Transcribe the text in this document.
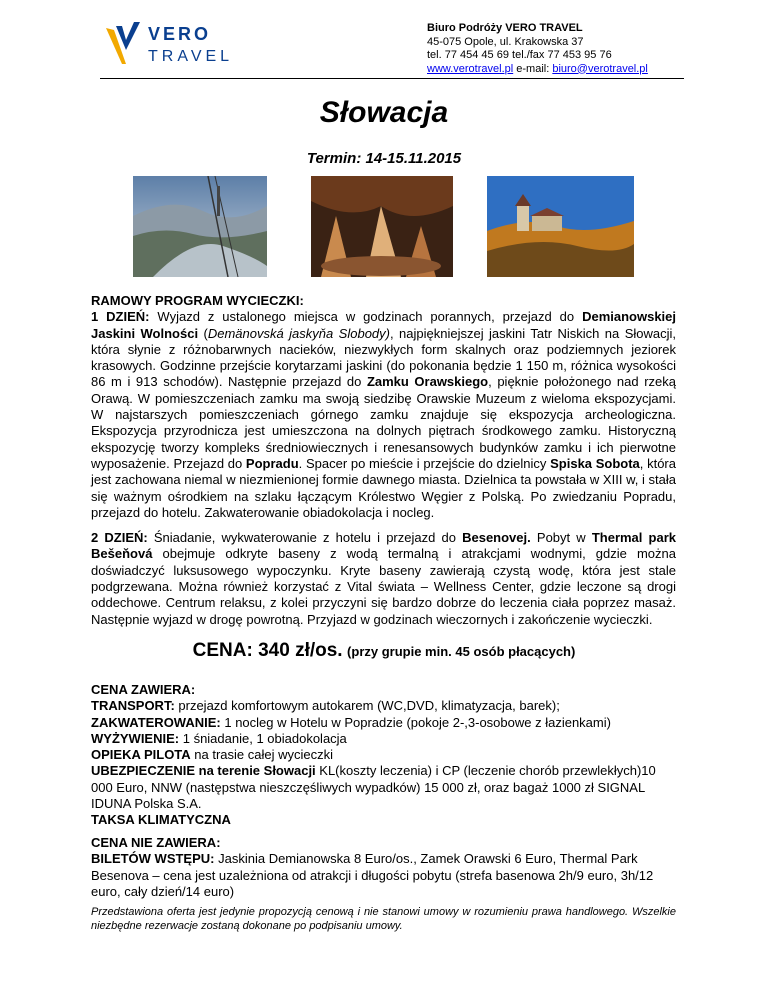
VERO
TRAVEL
Biuro Podróży VERO TRAVEL
45-075 Opole, ul. Krakowska 37
tel. 77 454 45 69 tel./fax 77 453 95 76
www.verotravel.pl e-mail: biuro@verotravel.pl
Słowacja
Termin: 14-15.11.2015
RAMOWY PROGRAM WYCIECZKI:
1 DZIEŃ: Wyjazd z ustalonego miejsca w godzinach porannych, przejazd do Demianowskiej Jaskini Wolności (Demänovská jaskyňa Slobody), najpiękniejszej jaskini Tatr Niskich na Słowacji, która słynie z różnobarwnych nacieków, niezwykłych form skalnych oraz podziemnych jeziorek krasowych. Godzinne przejście korytarzami jaskini (do pokonania będzie 1 150 m, różnica wysokości 86 m i 913 schodów). Następnie przejazd do Zamku Orawskiego, pięknie położonego nad rzeką Orawą. W pomieszczeniach zamku ma swoją siedzibę Orawskie Muzeum z wieloma ekspozycjami. W najstarszych pomieszczeniach górnego zamku znajduje się ekspozycja archeologiczna. Ekspozycja przyrodnicza jest umieszczona na dolnych piętrach środkowego zamku. Historyczną ekspozycję tworzy kompleks średniowiecznych i renesansowych budynków zamku i ich pierwotne wyposażenie. Przejazd do Popradu. Spacer po mieście i przejście do dzielnicy Spiska Sobota, która jest zachowana niemal w niezmienionej formie dawnego miasta. Dzielnica ta powstała w XIII w, i stała się ważnym ośrodkiem na szlaku łączącym Królestwo Węgier z Polską. Po zwiedzaniu Popradu, przejazd do hotelu. Zakwaterowanie obiadokolacja i nocleg.
2 DZIEŃ: Śniadanie, wykwaterowanie z hotelu i przejazd do Besenovej. Pobyt w Thermal park Bešeňová obejmuje odkryte baseny z wodą termalną i atrakcjami wodnymi, gdzie można doświadczyć luksusowego wypoczynku. Kryte baseny zawierają czystą wodę, która jest stale podgrzewana. Można również korzystać z Vital świata – Wellness Center, gdzie leczone są drogi oddechowe. Centrum relaksu, z kolei przyczyni się bardzo dobrze do leczenia ciała poprzez masaż. Następnie wyjazd w drogę powrotną. Przyjazd w godzinach wieczornych i zakończenie wycieczki.
CENA: 340 zł/os. (przy grupie min. 45 osób płacących)
CENA ZAWIERA:
TRANSPORT: przejazd komfortowym autokarem (WC,DVD, klimatyzacja, barek);
ZAKWATEROWANIE: 1 nocleg w Hotelu w Popradzie (pokoje 2-,3-osobowe z łazienkami)
WYŻYWIENIE: 1 śniadanie, 1 obiadokolacja
OPIEKA PILOTA na trasie całej wycieczki
UBEZPIECZENIE na terenie Słowacji KL(koszty leczenia) i CP (leczenie chorób przewlekłych)10 000 Euro, NNW (następstwa nieszczęśliwych wypadków) 15 000 zł, oraz bagaż 1000 zł SIGNAL IDUNA Polska S.A.
TAKSA KLIMATYCZNA
CENA NIE ZAWIERA:
BILETÓW WSTĘPU: Jaskinia Demianowska 8 Euro/os., Zamek Orawski 6 Euro, Thermal Park Besenova – cena jest uzależniona od atrakcji i długości pobytu (strefa basenowa 2h/9 euro, 3h/12 euro, cały dzień/14 euro)
Przedstawiona oferta jest jedynie propozycją cenową i nie stanowi umowy w rozumieniu prawa handlowego. Wszelkie niezbędne rezerwacje zostaną dokonane po podpisaniu umowy.
